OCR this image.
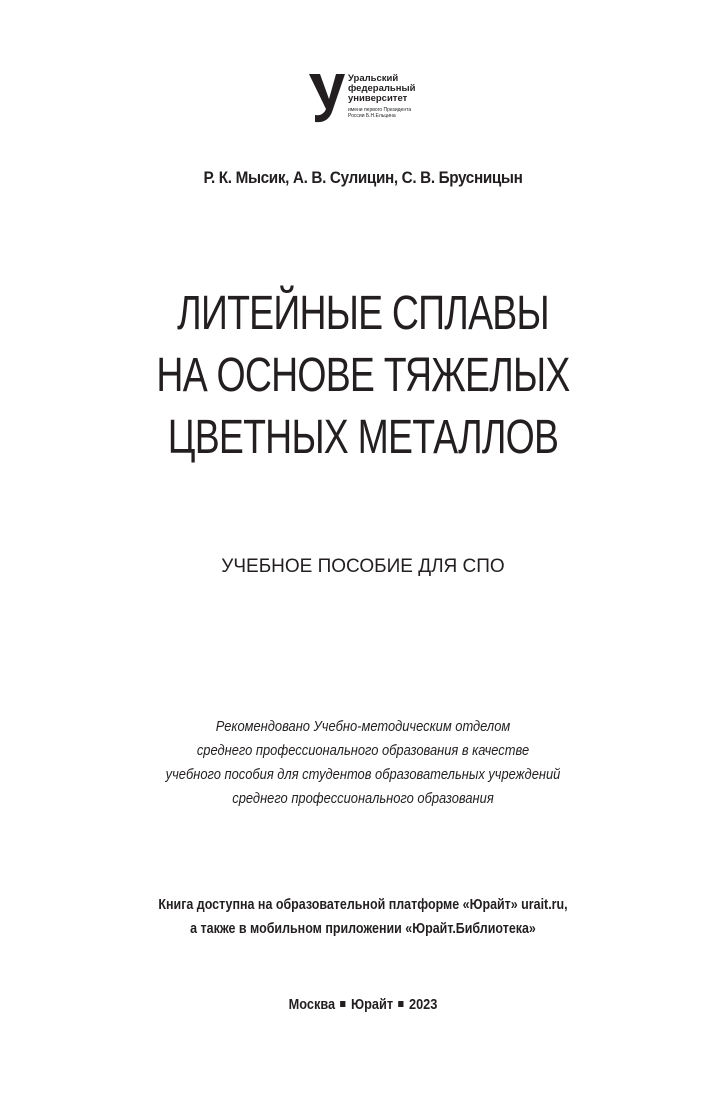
Уральский
федеральный
университет
имени первого Президента
России Б.Н.Ельцина
Р. К. Мысик, А. В. Сулицин, С. В. Брусницын
ЛИТЕЙНЫЕ СПЛАВЫ
НА ОСНОВЕ ТЯЖЕЛЫХ
ЦВЕТНЫХ МЕТАЛЛОВ
УЧЕБНОЕ ПОСОБИЕ ДЛЯ СПО
Рекомендовано Учебно-методическим отделом
среднего профессионального образования в качестве
учебного пособия для студентов образовательных учреждений
среднего профессионального образования
Книга доступна на образовательной платформе «Юрайт» urait.ru,
а также в мобильном приложении «Юрайт.Библиотека»
Москва Юрайт 2023
